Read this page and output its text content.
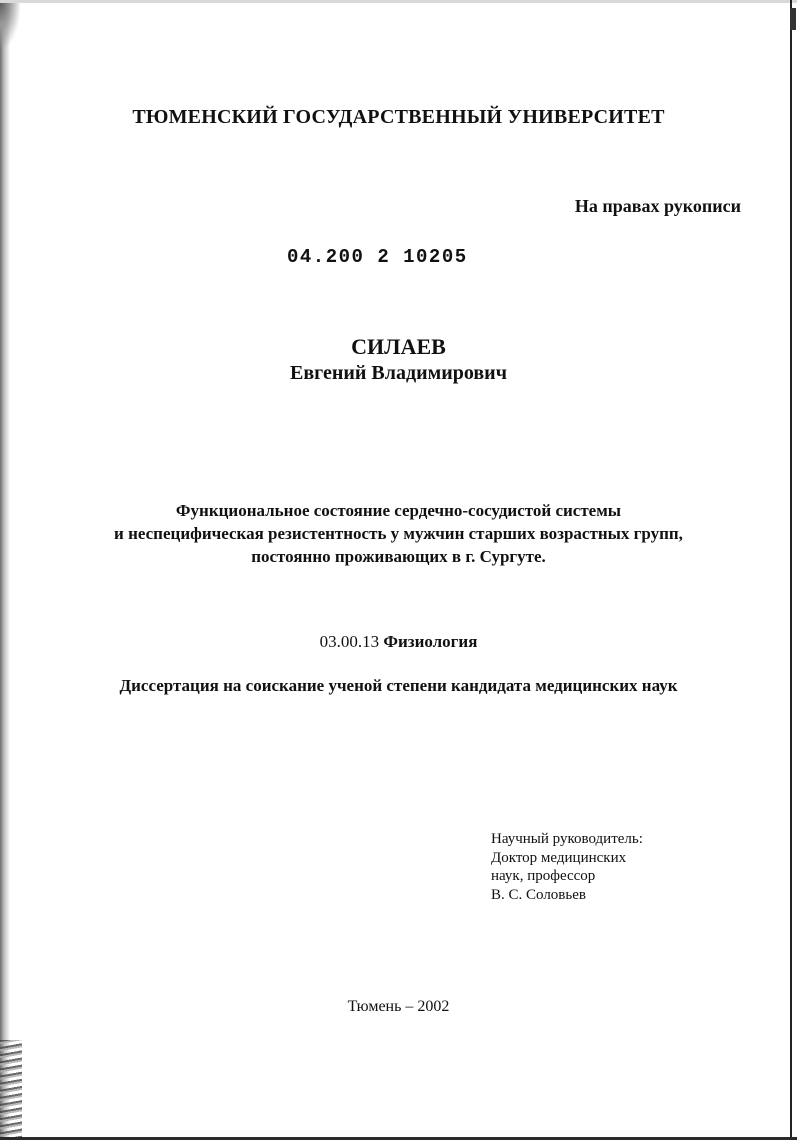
ТЮМЕНСКИЙ ГОСУДАРСТВЕННЫЙ УНИВЕРСИТЕТ

На правах рукописи

04.200 2 10205

СИЛАЕВ

Евгений Владимирович

Функциональное состояние сердечно-сосудистой системы
и неспецифическая резистентность у мужчин старших возрастных групп,
постоянно проживающих в г. Сургуте.

03.00.13 Физиология

Диссертация на соискание ученой степени кандидата медицинских наук

Научный руководитель:
Доктор медицинских
наук, профессор
В. С. Соловьев

Тюмень – 2002
